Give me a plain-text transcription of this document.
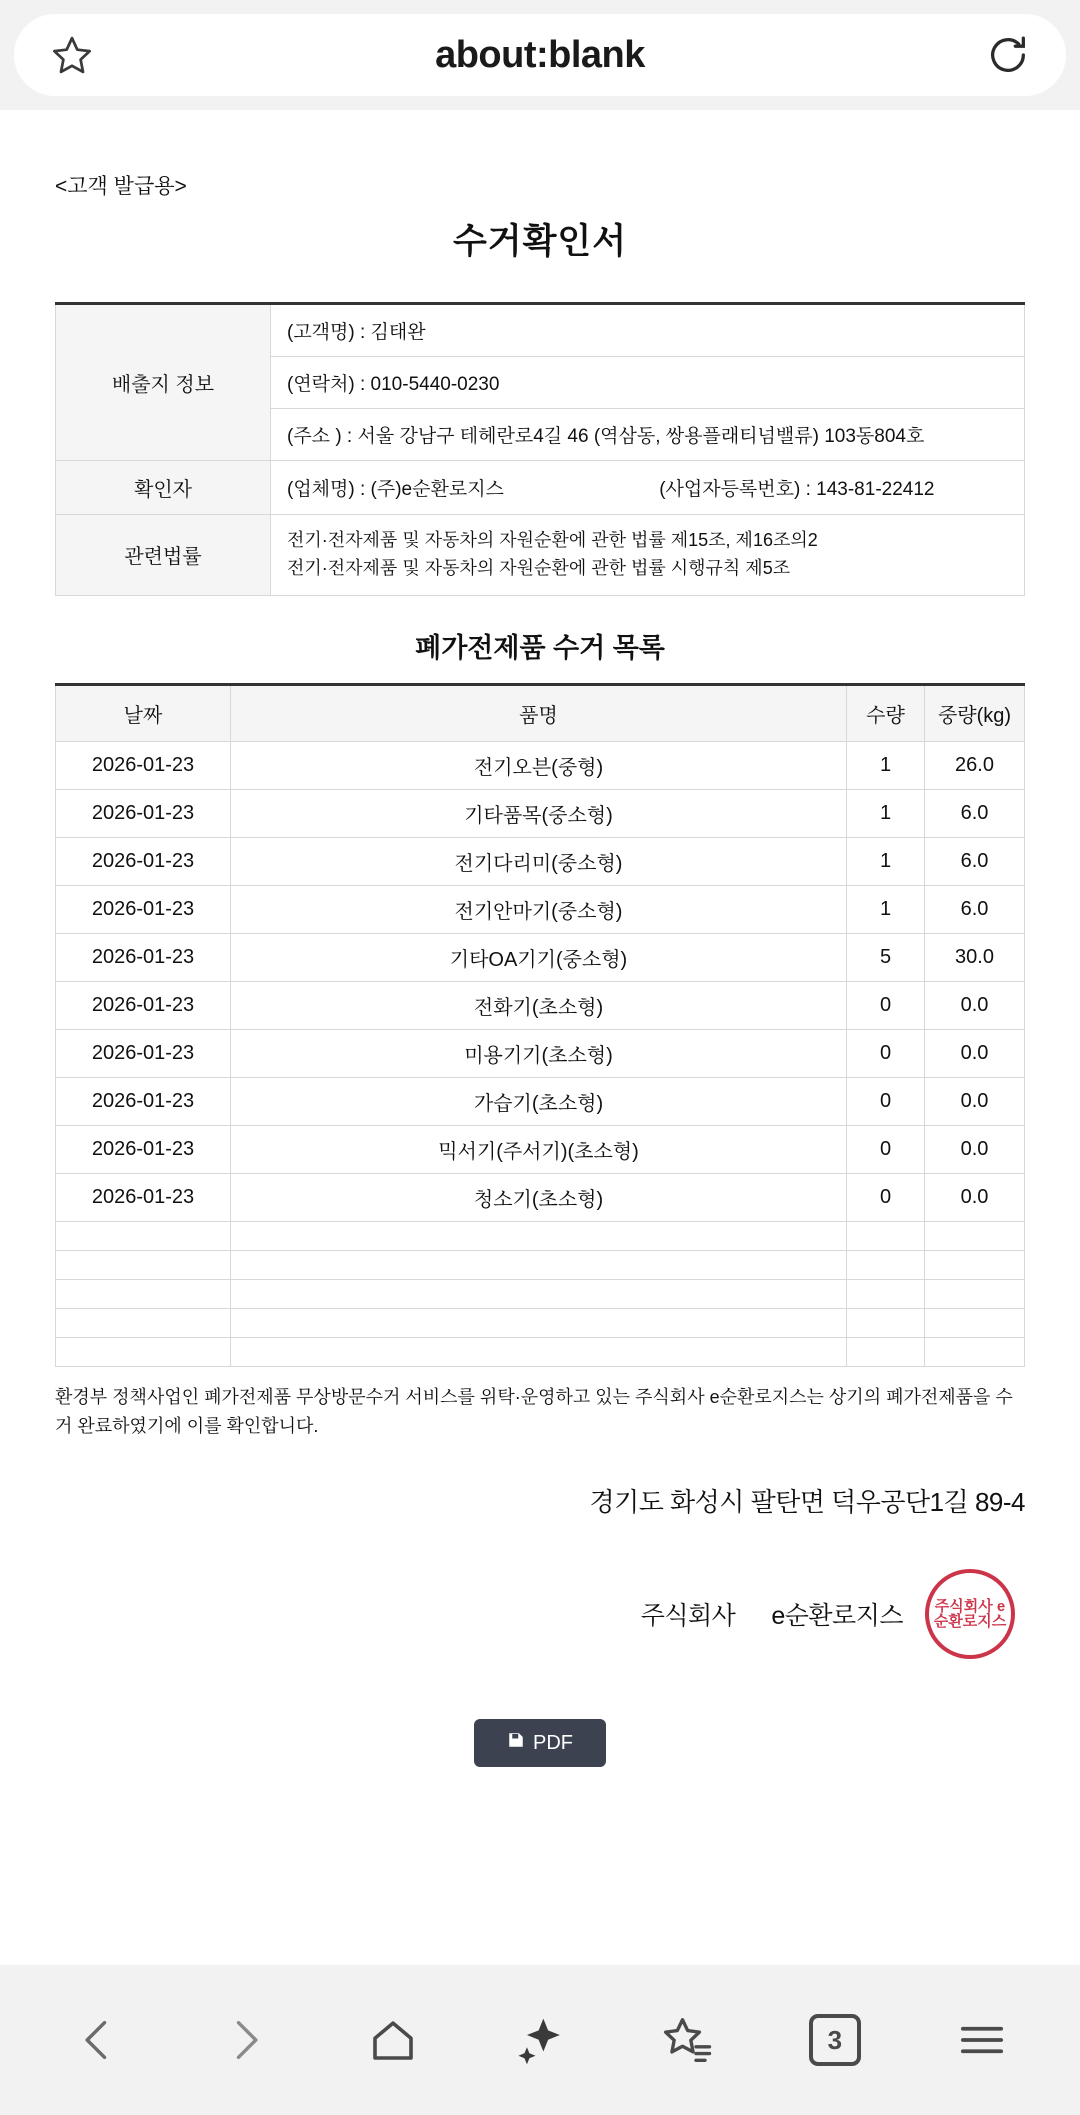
about:blank
<고객 발급용>
수거확인서
배출지 정보	(고객명) : 김태완
	(연락처) : 010-5440-0230
	(주소 ) : 서울 강남구 테헤란로4길 46 (역삼동, 쌍용플래티넘밸류) 103동804호
확인자	(업체명) : (주)e순환로지스 (사업자등록번호) : 143-81-22412
관련법률	전기·전자제품 및 자동차의 자원순환에 관한 법률 제15조, 제16조의2
전기·전자제품 및 자동차의 자원순환에 관한 법률 시행규칙 제5조
폐가전제품 수거 목록
날짜	품명	수량	중량(kg)
2026-01-23	전기오븐(중형)	1	26.0
2026-01-23	기타품목(중소형)	1	6.0
2026-01-23	전기다리미(중소형)	1	6.0
2026-01-23	전기안마기(중소형)	1	6.0
2026-01-23	기타OA기기(중소형)	5	30.0
2026-01-23	전화기(초소형)	0	0.0
2026-01-23	미용기기(초소형)	0	0.0
2026-01-23	가습기(초소형)	0	0.0
2026-01-23	믹서기(주서기)(초소형)	0	0.0
2026-01-23	청소기(초소형)	0	0.0

환경부 정책사업인 폐가전제품 무상방문수거 서비스를 위탁·운영하고 있는 주식회사 e순환로지스는 상기의 폐가전제품을 수거 완료하였기에 이를 확인합니다.
경기도 화성시 팔탄면 덕우공단1길 89-4
주식회사 e순환로지스	주식회사 e순환로지스
PDF
3
